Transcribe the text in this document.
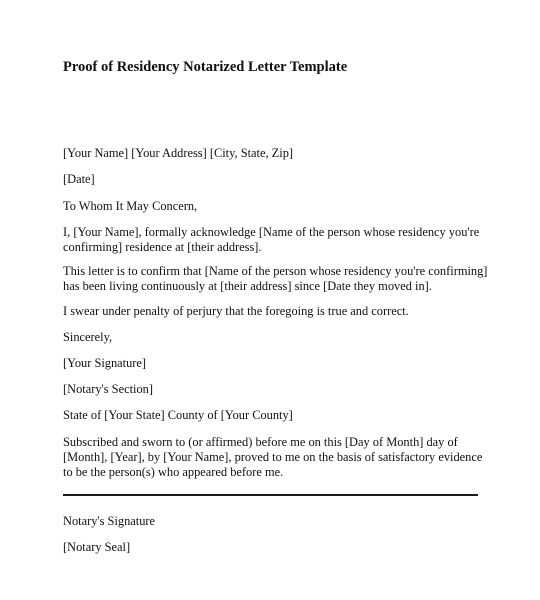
Proof of Residency Notarized Letter Template

[Your Name] [Your Address] [City, State, Zip]

[Date]

To Whom It May Concern,

I, [Your Name], formally acknowledge [Name of the person whose residency you're
confirming] residence at [their address].

This letter is to confirm that [Name of the person whose residency you're confirming]
has been living continuously at [their address] since [Date they moved in].

I swear under penalty of perjury that the foregoing is true and correct.

Sincerely,

[Your Signature]

[Notary's Section]

State of [Your State] County of [Your County]

Subscribed and sworn to (or affirmed) before me on this [Day of Month] day of
[Month], [Year], by [Your Name], proved to me on the basis of satisfactory evidence
to be the person(s) who appeared before me.

Notary's Signature

[Notary Seal]
